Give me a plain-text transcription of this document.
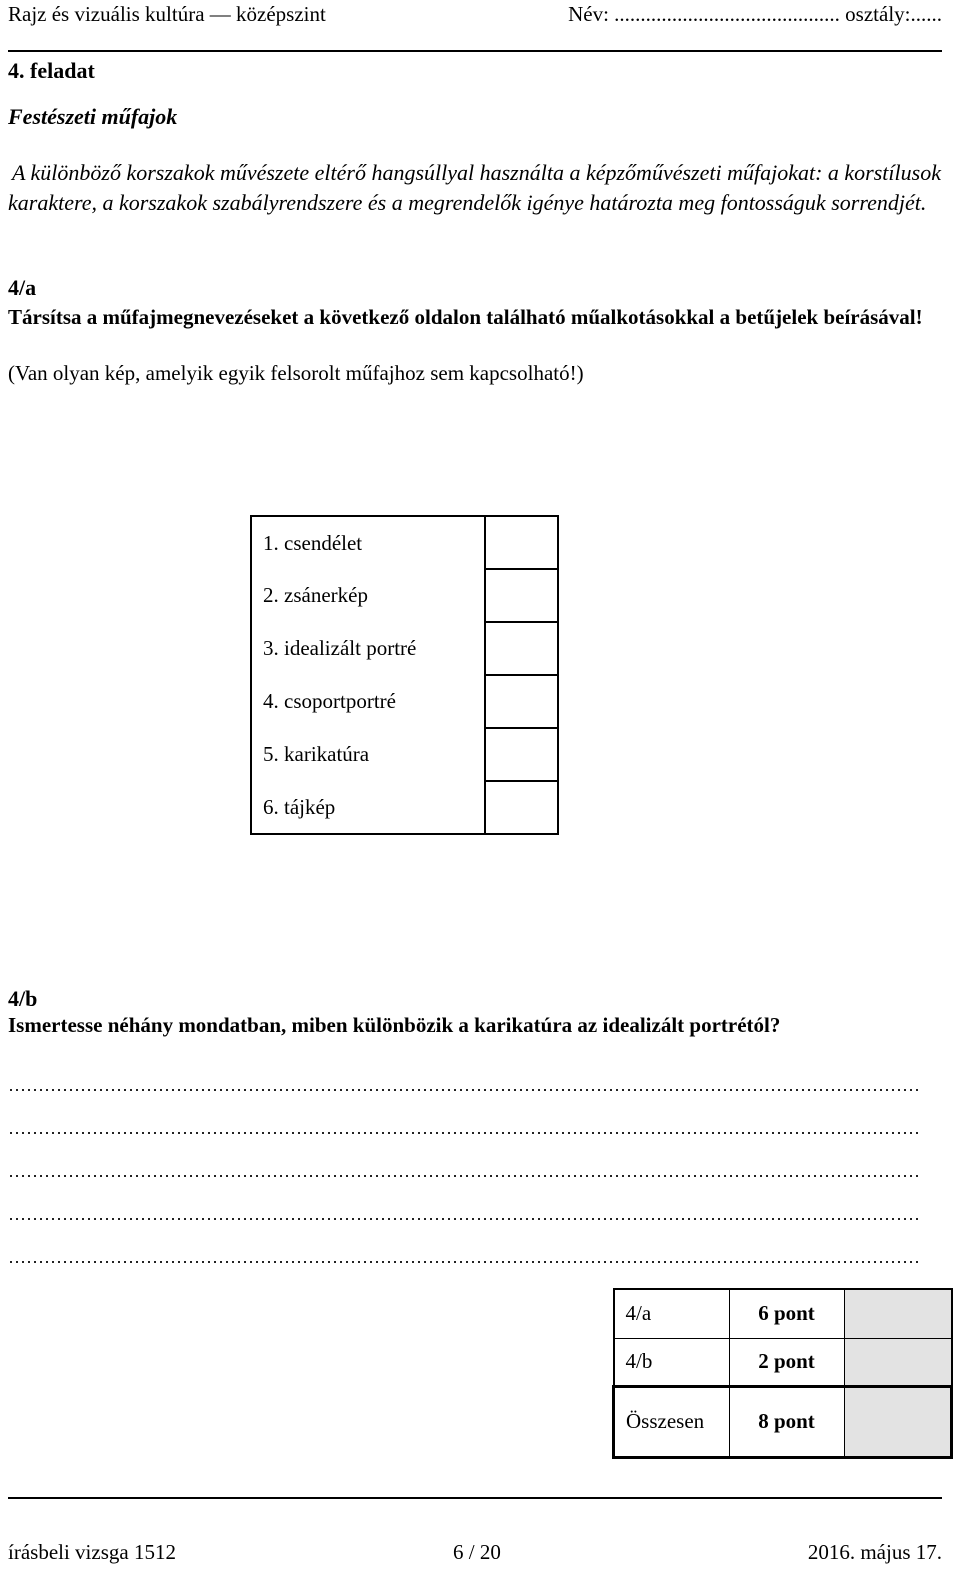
Rajz és vizuális kultúra — középszint	Név: ........................................... osztály:......
4. feladat
Festészeti műfajok
A különböző korszakok művészete eltérő hangsúllyal használta a képzőművészeti műfajokat: a korstílusok karaktere, a korszakok szabályrendszere és a megrendelők igénye határozta meg fontosságuk sorrendjét.
4/a
Társítsa a műfajmegnevezéseket a következő oldalon található műalkotásokkal a betűjelek beírásával!
(Van olyan kép, amelyik egyik felsorolt műfajhoz sem kapcsolható!)
1. csendélet	
2. zsánerkép	
3. idealizált portré	
4. csoportportré	
5. karikatúra	
6. tájkép	
4/b
Ismertesse néhány mondatban, miben különbözik a karikatúra az idealizált portrétól?
4/a	6 pont	
4/b	2 pont	
Összesen	8 pont	
írásbeli vizsga 1512	6 / 20	2016. május 17.
